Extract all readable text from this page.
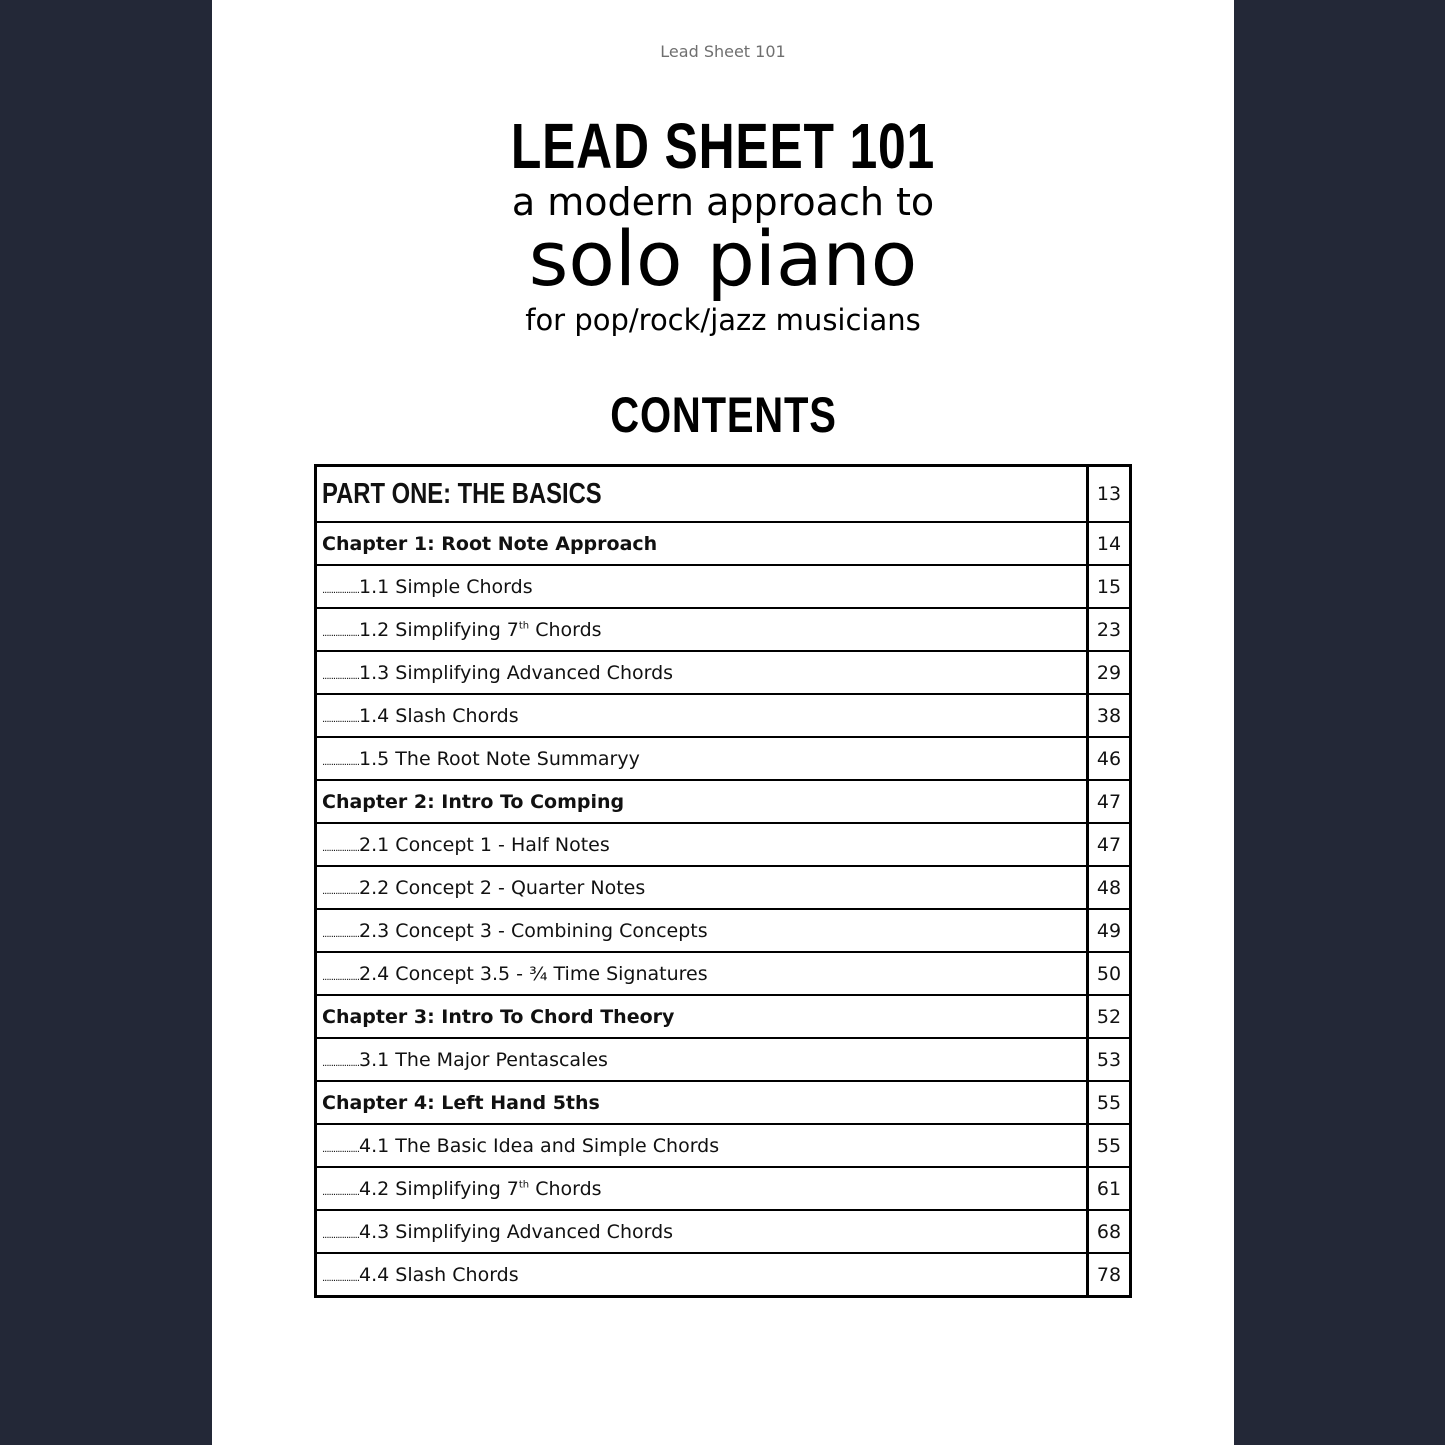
Lead Sheet 101
LEAD SHEET 101
a modern approach to
solo piano
for pop/rock/jazz musicians
CONTENTS
PART ONE: THE BASICS	13
Chapter 1: Root Note Approach	14
.................1.1 Simple Chords	15
.................1.2 Simplifying 7th Chords	23
.................1.3 Simplifying Advanced Chords	29
.................1.4 Slash Chords	38
.................1.5 The Root Note Summaryy	46
Chapter 2: Intro To Comping	47
.................2.1 Concept 1 - Half Notes	47
.................2.2 Concept 2 - Quarter Notes	48
.................2.3 Concept 3 - Combining Concepts	49
.................2.4 Concept 3.5 - ¾ Time Signatures	50
Chapter 3: Intro To Chord Theory	52
.................3.1 The Major Pentascales	53
Chapter 4: Left Hand 5ths	55
.................4.1 The Basic Idea and Simple Chords	55
.................4.2 Simplifying 7th Chords	61
.................4.3 Simplifying Advanced Chords	68
.................4.4 Slash Chords	78
